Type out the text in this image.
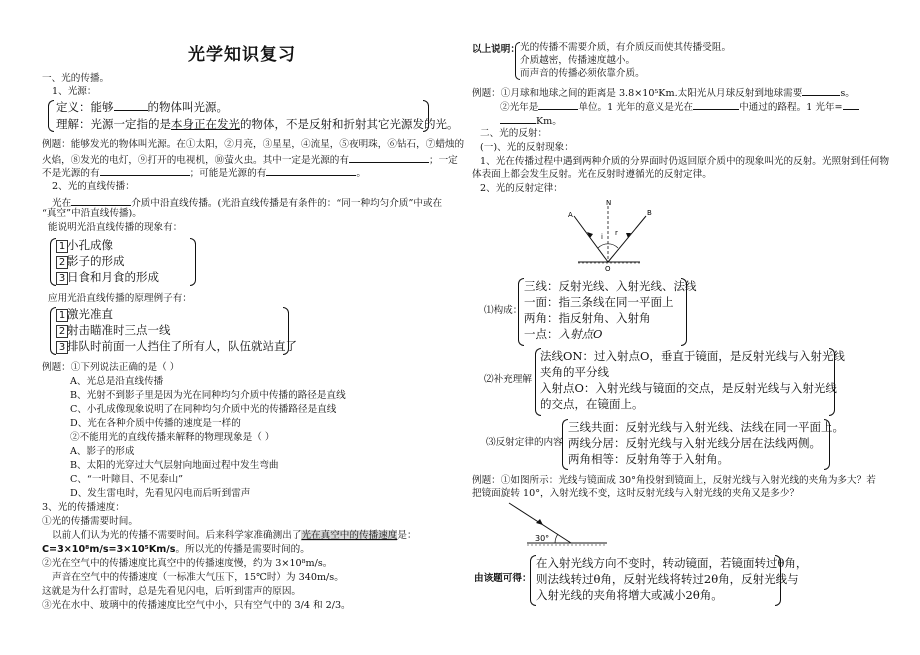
光学知识复习
一、光的传播。
1、光源：
定义：能够	的物体叫光源。
理解：光源一定指的是本身正在发光的物体，不是反射和折射其它光源发的光。
例题：能够发光的物体叫光源。在①太阳，②月亮，③星星，④流星，⑤夜明珠，⑥钻石，⑦蜡烛的
火焰，⑧发光的电灯，⑨打开的电视机，⑩萤火虫。其中一定是光源的有	；一定
不是光源的有	；可能是光源的有	。
2、光的直线传播：
光在	介质中沿直线传播。(光沿直线传播是有条件的：“同一种均匀介质”中或在
“真空”中沿直线传播)。
能说明光沿直线传播的现象有：
1 小孔成像
2 影子的形成
3 日食和月食的形成
应用光沿直线传播的原理例子有：
1 激光准直
2 射击瞄准时三点一线
3 排队时前面一人挡住了所有人，队伍就站直了
例题：①下列说法正确的是（ ）
A、光总是沿直线传播
B、光射不到影子里是因为光在同种均匀介质中传播的路径是直线
C、小孔成像现象说明了在同种均匀介质中光的传播路径是直线
D、光在各种介质中传播的速度是一样的
②不能用光的直线传播来解释的物理现象是（ ）
A、影子的形成
B、太阳的光穿过大气层射向地面过程中发生弯曲
C、“一叶障目、不见泰山”
D、发生雷电时，先看见闪电而后听到雷声
3、光的传播速度：
①光的传播需要时间。
以前人们认为光的传播不需要时间。后来科学家准确测出了光在真空中的传播速度是：
C=3×10⁸m/s=3×10⁵Km/s。所以光的传播是需要时间的。
②光在空气中的传播速度比真空中的传播速度慢，约为 3×10⁸m/s。
声音在空气中的传播速度（一标准大气压下，15℃时）为 340m/s。
这就是为什么打雷时，总是先看见闪电，后听到雷声的原因。
③光在水中、玻璃中的传播速度比空气中小，只有空气中的 3/4 和 2/3。
以上说明： 光的传播不需要介质，有介质反而使其传播受阻。
介质越密，传播速度越小。
而声音的传播必须依靠介质。
例题：①月球和地球之间的距离是 3.8×10⁵Km.太阳光从月球反射到地球需要	s。
②光年是	单位。1 光年的意义是光在	中通过的路程。1 光年=
Km。
二、光的反射：
(一)、光的反射现象：
1、光在传播过程中遇到两种介质的分界面时仍返回原介质中的现象叫光的反射。光照射到任何物
体表面上都会发生反射。光在反射时遵循光的反射定律。
2、光的反射定律：
A
N
B
i r
O
⑴构成：
三线：反射光线、入射光线、法线
一面：指三条线在同一平面上
两角：指反射角、入射角
一点：入射点O
⑵补充理解
法线ON：过入射点O，垂直于镜面，是反射光线与入射光线
夹角的平分线
入射点O：入射光线与镜面的交点，是反射光线与入射光线
的交点，在镜面上。
⑶反射定律的内容
三线共面：反射光线与入射光线、法线在同一平面上。
两线分居：反射光线与入射光线分居在法线两侧。
两角相等：反射角等于入射角。
例题：①如图所示：光线与镜面成 30°角投射到镜面上，反射光线与入射光线的夹角为多大？若
把镜面旋转 10°，入射光线不变，这时反射光线与入射光线的夹角又是多少？
30°
由该题可得：
在入射光线方向不变时，转动镜面，若镜面转过θ角，
则法线转过θ角，反射光线将转过2θ角，反射光线与
入射光线的夹角将增大或减小2θ角。
